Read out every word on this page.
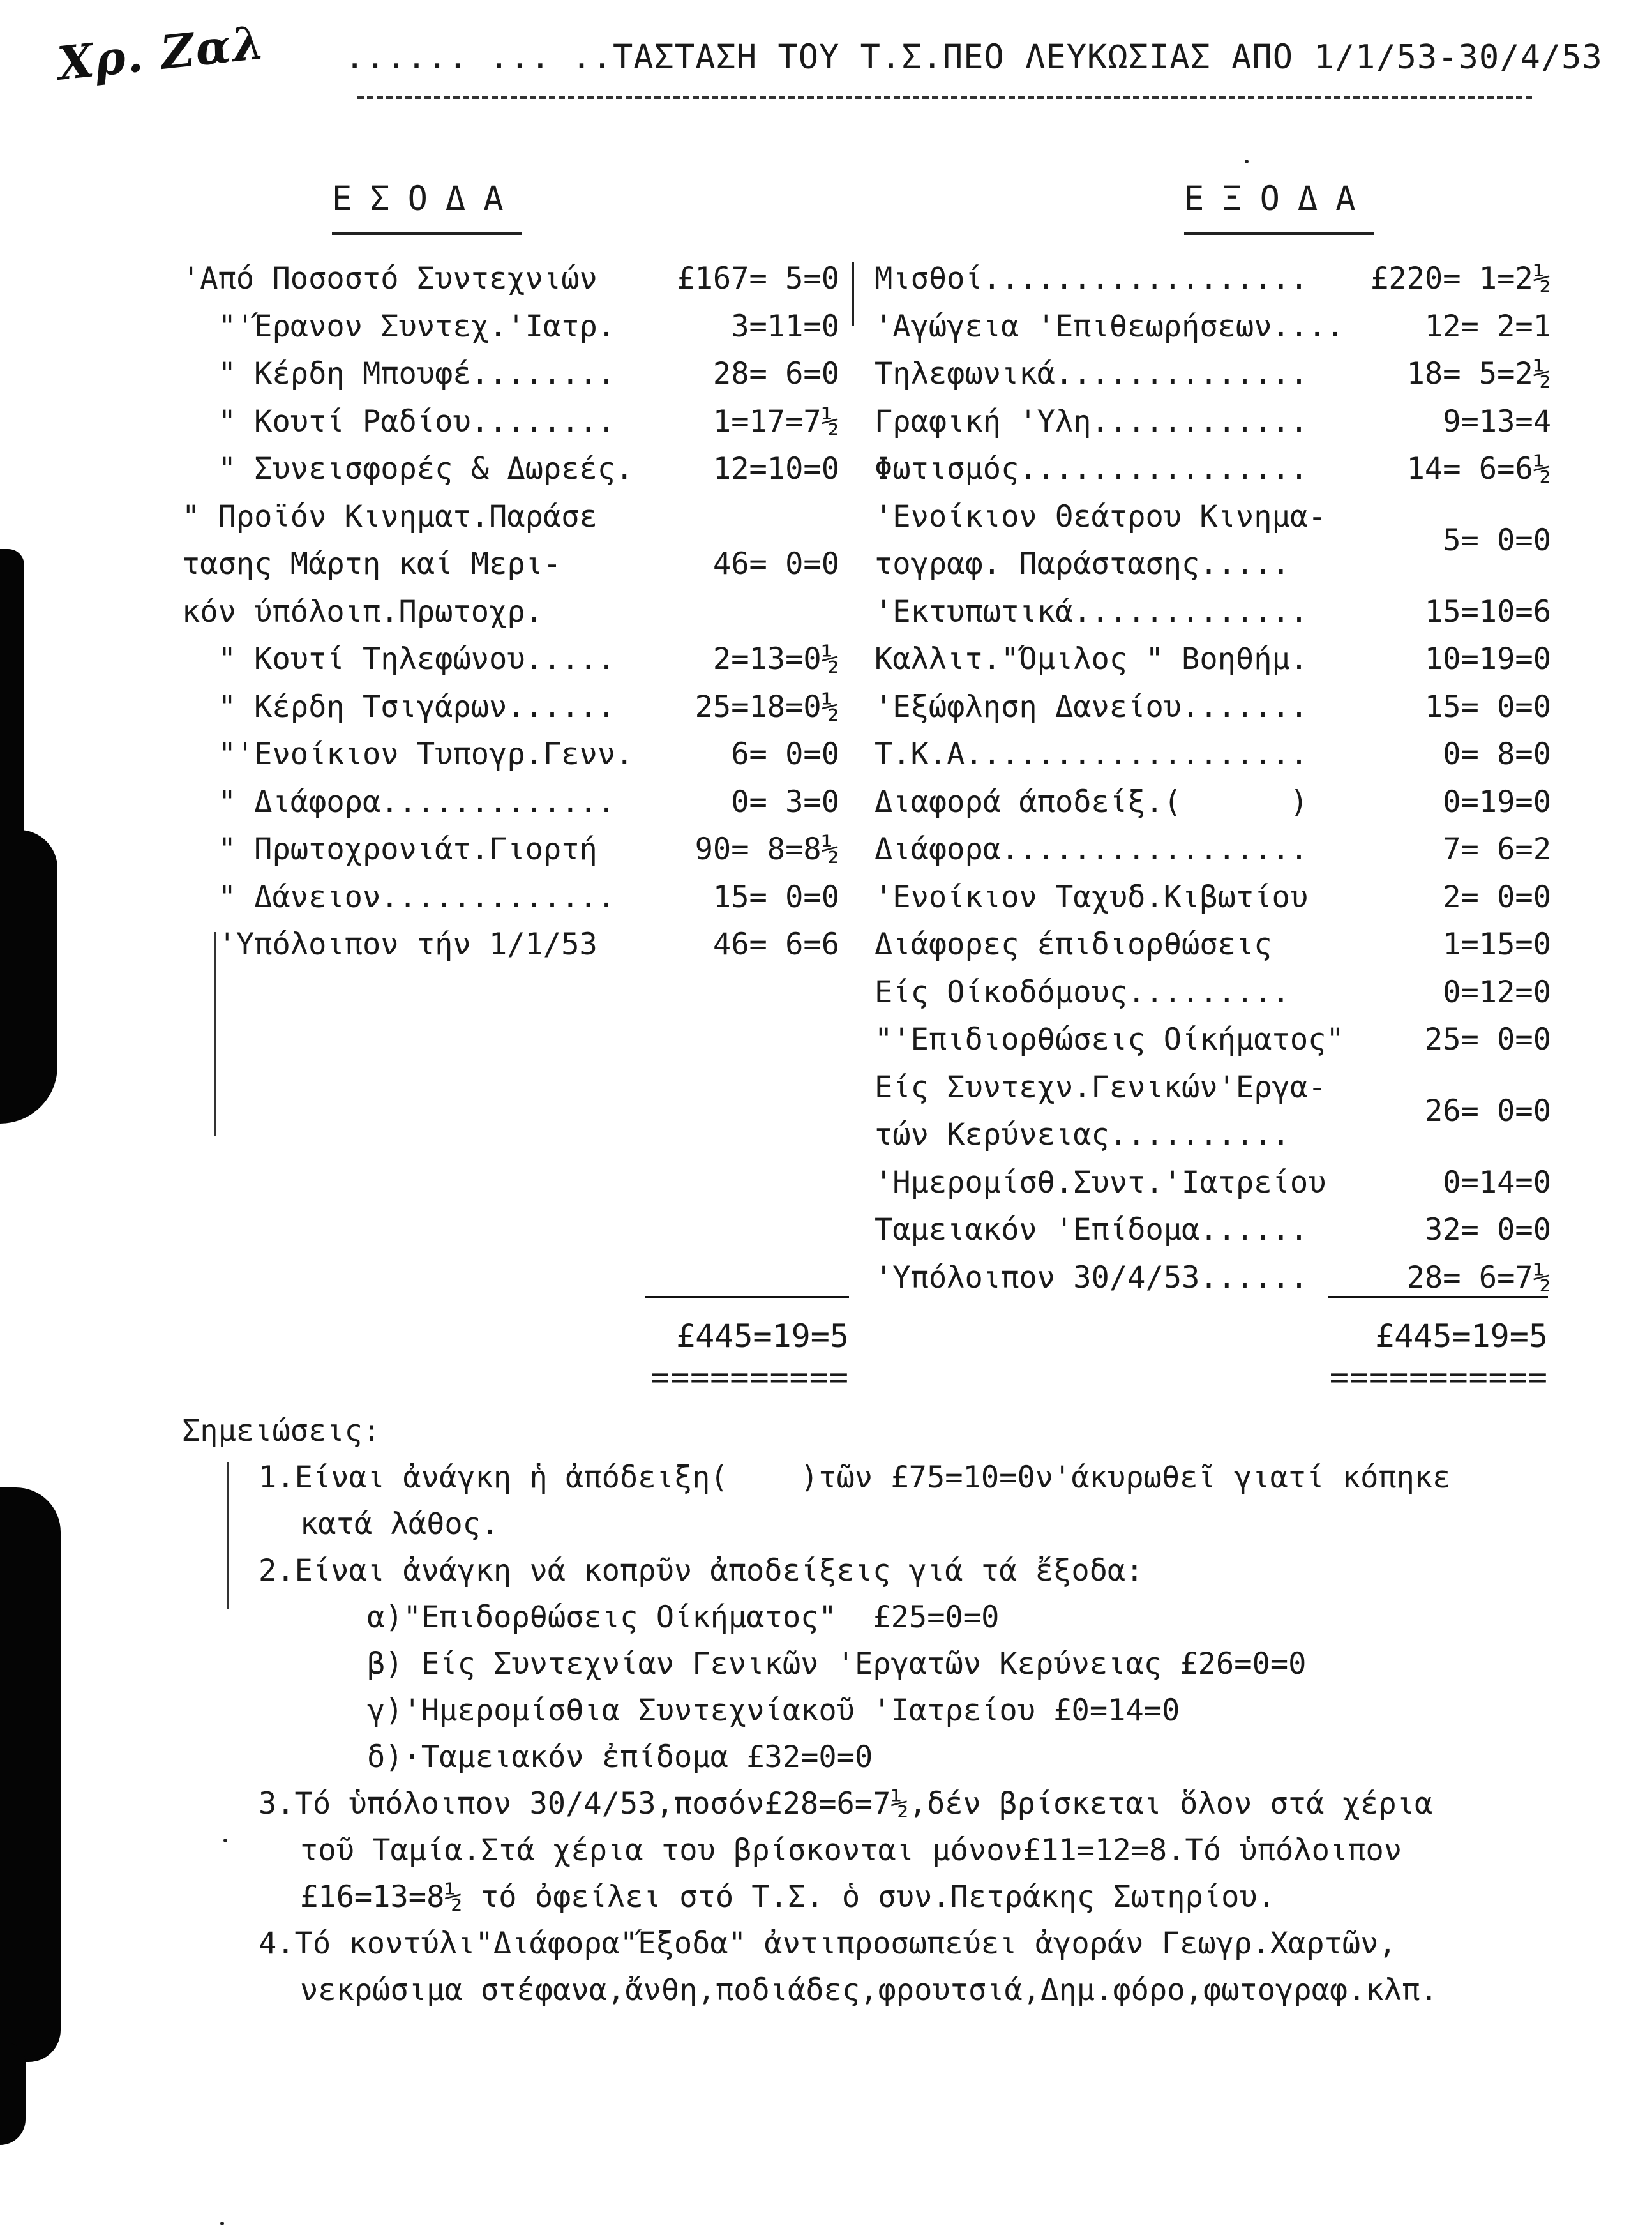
Χρ. Ζαλ ...... ... ..ΤΑΣΤΑΣΗ ΤΟΥ Τ.Σ.ΠΕΟ ΛΕΥΚΩΣΙΑΣ ΑΠΟ 1/1/53-30/4/53
ΕΣΟΔΑ	ΕΞΟΔΑ
'Από Ποσοστό Συντεχνιών	£167= 5=0
"'Έρανον Συντεχ.'Ιατρ.	3=11=0
" Κέρδη Μπουφέ........	28= 6=0
" Κουτί Ραδίου........	1=17=7½
" Συνεισφορές & Δωρεές.	12=10=0
" Προϊόν Κινηματ.Παράσε
τασης Μάρτη καί Μερι-
κόν ύπόλοιπ.Πρωτοχρ.
46= 0=0
" Κουτί Τηλεφώνου.....	2=13=0½
" Κέρδη Τσιγάρων......	25=18=0½
"'Ενοίκιον Τυπογρ.Γενν.	6= 0=0
" Διάφορα.............	0= 3=0
" Πρωτοχρονιάτ.Γιορτή	90= 8=8½
" Δάνειον.............	15= 0=0
'Υπόλοιπον τήν 1/1/53	46= 6=6
Μισθοί..................	£220= 1=2½
'Αγώγεια 'Επιθεωρήσεων....	12= 2=1
Τηλεφωνικά..............	18= 5=2½
Γραφική 'Υλη............	9=13=4
Φωτισμός................	14= 6=6½
'Ενοίκιον Θεάτρου Κινημα-
τογραφ. Παράστασης.....
5= 0=0
'Εκτυπωτικά.............	15=10=6
Καλλιτ."Όμιλος " Βοηθήμ.	10=19=0
'Εξώφληση Δανείου.......	15= 0=0
Τ.Κ.Α...................	0= 8=0
Διαφορά άποδείξ.(      )	0=19=0
Διάφορα.................	7= 6=2
'Ενοίκιον Ταχυδ.Κιβωτίου	2= 0=0
Διάφορες έπιδιορθώσεις	1=15=0
Είς Οίκοδόμους.........	0=12=0
"'Επιδιορθώσεις Οίκήματος"	25= 0=0
Είς Συντεχν.Γενικών'Εργα-
τών Κερύνειας..........
26= 0=0
'Ημερομίσθ.Συντ.'Ιατρείου	0=14=0
Ταμειακόν 'Επίδομα......	32= 0=0
'Υπόλοιπον 30/4/53......	28= 6=7½
£445=19=5
==========
£445=19=5
===========
Σημειώσεις:
1.Είναι ἀνάγκη ἡ ἀπόδειξη(    )τῶν £75=10=0ν'άκυρωθεῖ γιατί κόπηκε
κατά λάθος.
2.Είναι ἀνάγκη νά κοπρῦν ἀποδείξεις γιά τά ἔξοδα:
α)"Επιδορθώσεις Οίκήματος"  £25=0=0
β) Είς Συντεχνίαν Γενικῶν 'Εργατῶν Κερύνειας £26=0=0
γ)'Ημερομίσθια Συντεχνίακοῦ 'Ιατρείου £0=14=0
δ)·Ταμειακόν ἐπίδομα £32=0=0
3.Τό ὑπόλοιπον 30/4/53,ποσόν£28=6=7½,δέν βρίσκεται ὅλον στά χέρια
τοῦ Ταμία.Στά χέρια του βρίσκονται μόνον£11=12=8.Τό ὑπόλοιπον
£16=13=8½ τό ὀφείλει στό Τ.Σ. ὁ συν.Πετράκης Σωτηρίου.
4.Τό κοντύλι"Διάφορα"Έξοδα" ἀντιπροσωπεύει ἀγοράν Γεωγρ.Χαρτῶν,
νεκρώσιμα στέφανα,ἄνθη,ποδιάδες,φρουτσιά,Δημ.φόρο,φωτογραφ.κλπ.
